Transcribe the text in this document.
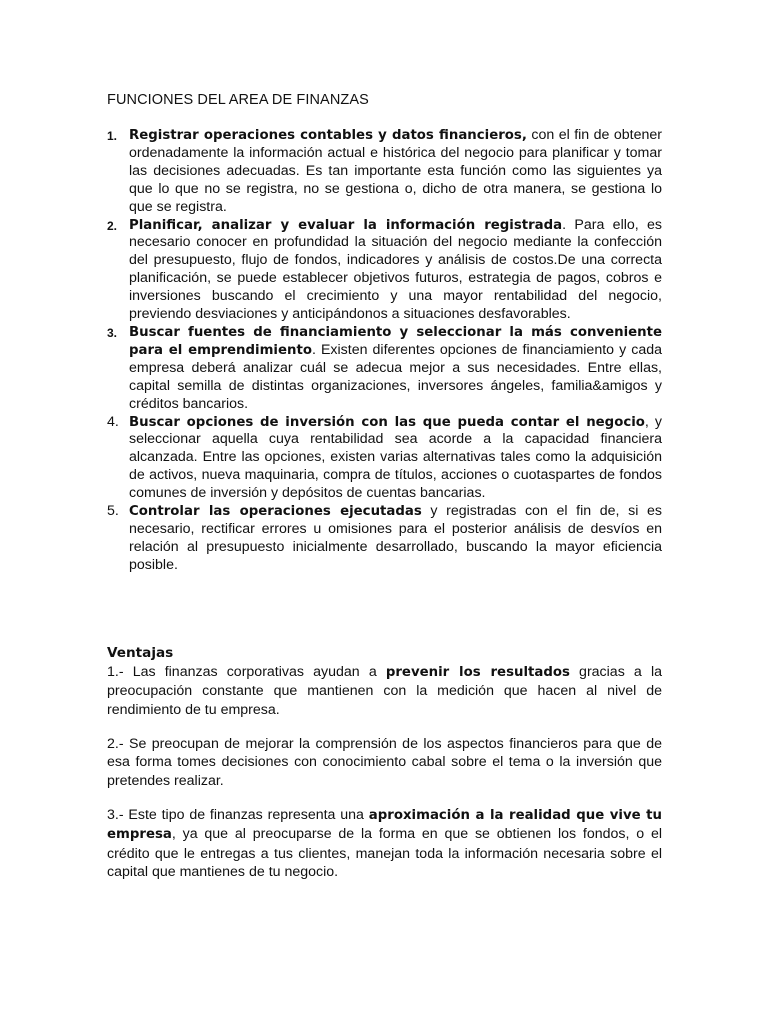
FUNCIONES DEL AREA DE FINANZAS
1. Registrar operaciones contables y datos financieros, con el fin de obtener ordenadamente la información actual e histórica del negocio para planificar y tomar las decisiones adecuadas. Es tan importante esta función como las siguientes ya que lo que no se registra, no se gestiona o, dicho de otra manera, se gestiona lo que se registra.
2. Planificar, analizar y evaluar la información registrada. Para ello, es necesario conocer en profundidad la situación del negocio mediante la confección del presupuesto, flujo de fondos, indicadores y análisis de costos.De una correcta planificación, se puede establecer objetivos futuros, estrategia de pagos, cobros e inversiones buscando el crecimiento y una mayor rentabilidad del negocio, previendo desviaciones y anticipándonos a situaciones desfavorables.
3. Buscar fuentes de financiamiento y seleccionar la más conveniente para el emprendimiento. Existen diferentes opciones de financiamiento y cada empresa deberá analizar cuál se adecua mejor a sus necesidades. Entre ellas, capital semilla de distintas organizaciones, inversores ángeles, familia&amigos y créditos bancarios.
4. Buscar opciones de inversión con las que pueda contar el negocio, y seleccionar aquella cuya rentabilidad sea acorde a la capacidad financiera alcanzada. Entre las opciones, existen varias alternativas tales como la adquisición de activos, nueva maquinaria, compra de títulos, acciones o cuotaspartes de fondos comunes de inversión y depósitos de cuentas bancarias.
5. Controlar las operaciones ejecutadas y registradas con el fin de, si es necesario, rectificar errores u omisiones para el posterior análisis de desvíos en relación al presupuesto inicialmente desarrollado, buscando la mayor eficiencia posible.
Ventajas

1.- Las finanzas corporativas ayudan a prevenir los resultados gracias a la preocupación constante que mantienen con la medición que hacen al nivel de rendimiento de tu empresa.

2.- Se preocupan de mejorar la comprensión de los aspectos financieros para que de esa forma tomes decisiones con conocimiento cabal sobre el tema o la inversión que pretendes realizar.

3.- Este tipo de finanzas representa una aproximación a la realidad que vive tu empresa, ya que al preocuparse de la forma en que se obtienen los fondos, o el crédito que le entregas a tus clientes, manejan toda la información necesaria sobre el capital que mantienes de tu negocio.
